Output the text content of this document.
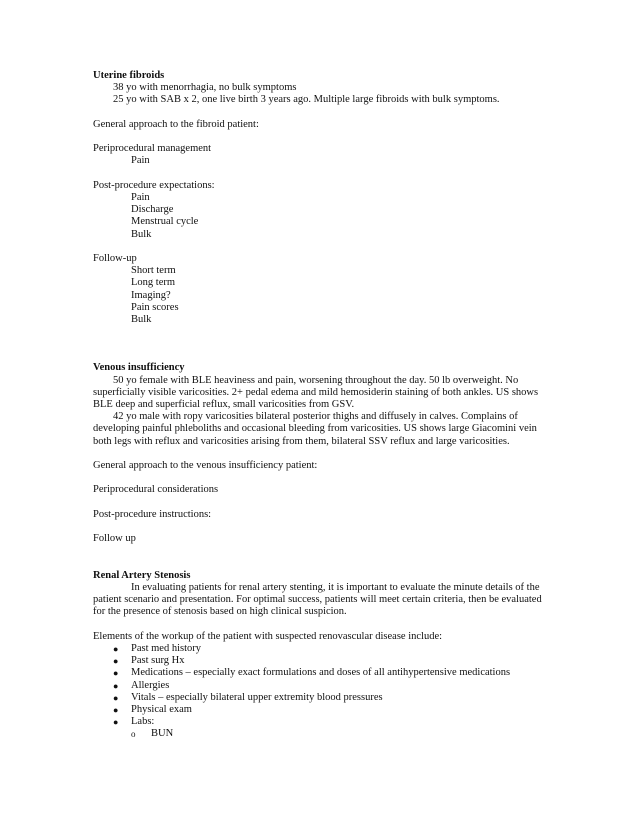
Uterine fibroids
38 yo with menorrhagia, no bulk symptoms
25 yo with SAB x 2, one live birth 3 years ago. Multiple large fibroids with bulk symptoms.
General approach to the fibroid patient:
Periprocedural management
Pain
Post-procedure expectations:
Pain
Discharge
Menstrual cycle
Bulk
Follow-up
Short term
Long term
Imaging?
Pain scores
Bulk
Venous insufficiency
50 yo female with BLE heaviness and pain, worsening throughout the day. 50 lb overweight. No superficially visible varicosities. 2+ pedal edema and mild hemosiderin staining of both ankles. US shows BLE deep and superficial reflux, small varicosities from GSV.
42 yo male with ropy varicosities bilateral posterior thighs and diffusely in calves. Complains of developing painful phleboliths and occasional bleeding from varicosities. US shows large Giacomini vein both legs with reflux and varicosities arising from them, bilateral SSV reflux and large varicosities.
General approach to the venous insufficiency patient:
Periprocedural considerations
Post-procedure instructions:
Follow up
Renal Artery Stenosis
In evaluating patients for renal artery stenting, it is important to evaluate the minute details of the patient scenario and presentation. For optimal success, patients will meet certain criteria, then be evaluated for the presence of stenosis based on high clinical suspicion.
Elements of the workup of the patient with suspected renovascular disease include:
● Past med history
● Past surg Hx
● Medications – especially exact formulations and doses of all antihypertensive medications
● Allergies
● Vitals – especially bilateral upper extremity blood pressures
● Physical exam
● Labs:
o BUN
